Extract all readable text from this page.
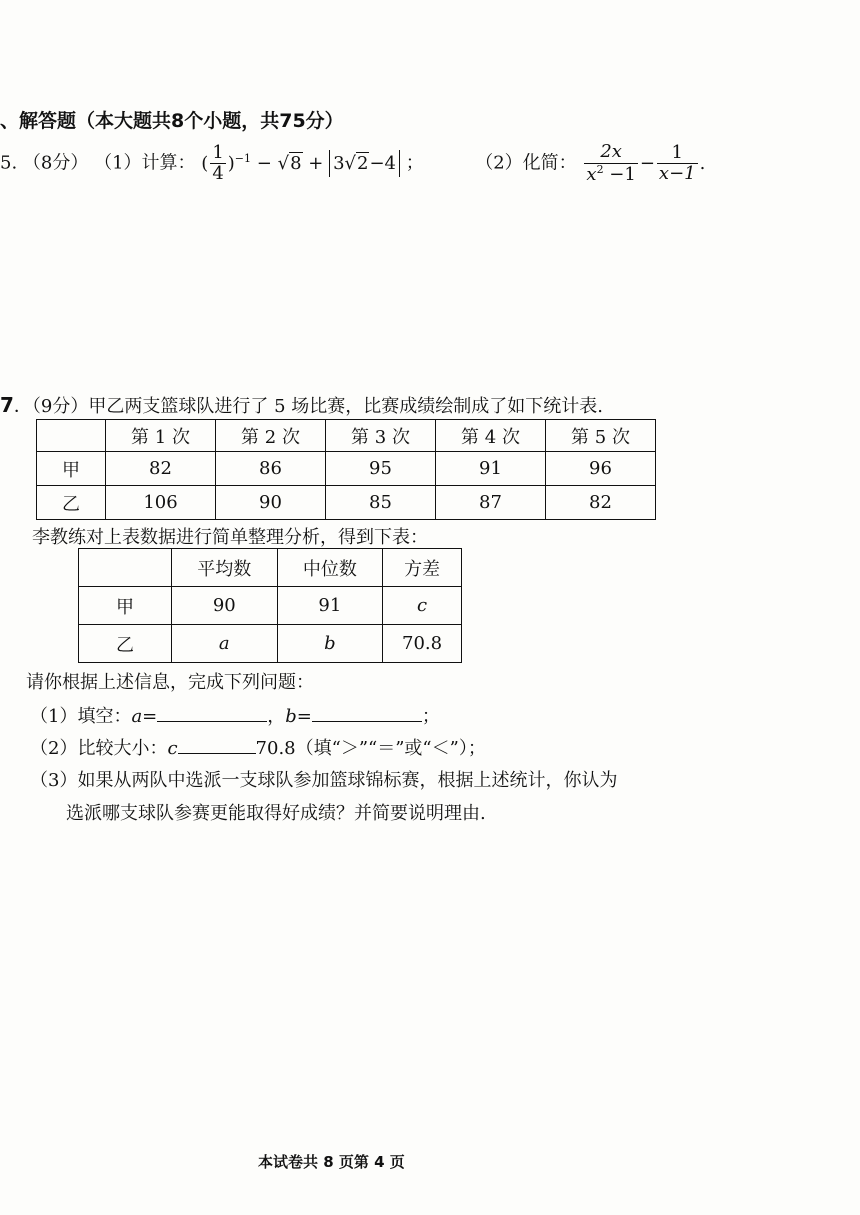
、解答题（本大题共8个小题，共75分）
5. （8分） （1）计算： ( $\frac{1}{4} )^{-1} - √8 + 3√2-4$ ；	（2）化简： $\frac{2x}{x^2 -1} - \frac{1}{x-1}$ .
7．（9分）甲乙两支篮球队进行了 5 场比赛，比赛成绩绘制成了如下统计表.
	第 1 次	第 2 次	第 3 次	第 4 次	第 5 次
甲	82	86	95	91	96
乙	106	90	85	87	82
李教练对上表数据进行简单整理分析，得到下表：
	平均数	中位数	方差
甲	90	91	c
乙	a	b	70.8
请你根据上述信息，完成下列问题：
（1）填空：a=	，b=	；
（2）比较大小：c	70.8（填“＞”“＝”或“＜”）；
（3）如果从两队中选派一支球队参加篮球锦标赛，根据上述统计，你认为
选派哪支球队参赛更能取得好成绩？并简要说明理由.
本试卷共 8 页第 4 页
